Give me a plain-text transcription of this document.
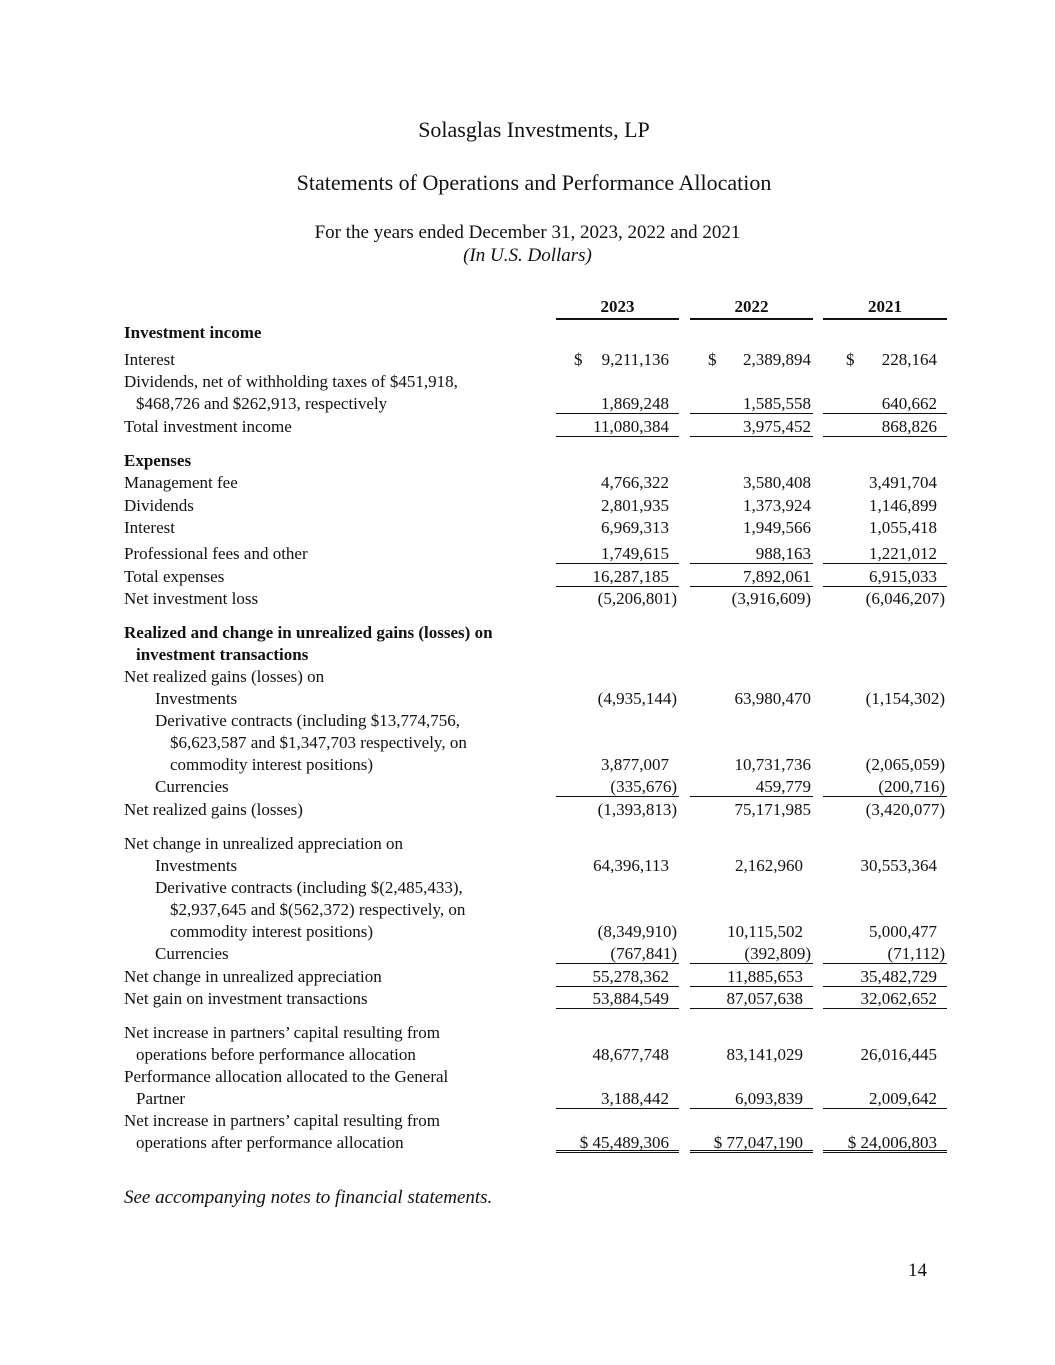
Solasglas Investments, LP
Statements of Operations and Performance Allocation
For the years ended December 31, 2023, 2022 and 2021
(In U.S. Dollars)
2023	2022	2021
Investment income
Interest	$ 9,211,136	$ 2,389,894 $ 228,164
Dividends, net of withholding taxes of $451,918,
$468,726 and $262,913, respectively	1,869,248	1,585,558	640,662
Total investment income	11,080,384	3,975,452	868,826
Expenses
Management fee	4,766,322	3,580,408	3,491,704
Dividends	2,801,935	1,373,924	1,146,899
Interest	6,969,313	1,949,566	1,055,418
Professional fees and other	1,749,615	988,163	1,221,012
Total expenses	16,287,185	7,892,061	6,915,033
Net investment loss	(5,206,801)	(3,916,609)	(6,046,207)
Realized and change in unrealized gains (losses) on
investment transactions
Net realized gains (losses) on
Investments	(4,935,144)	63,980,470	(1,154,302)
Derivative contracts (including $13,774,756,
$6,623,587 and $1,347,703 respectively, on
commodity interest positions)	3,877,007	10,731,736	(2,065,059)
Currencies	(335,676)	459,779	(200,716)
Net realized gains (losses)	(1,393,813)	75,171,985	(3,420,077)
Net change in unrealized appreciation on
Investments	64,396,113	2,162,960	30,553,364
Derivative contracts (including $(2,485,433),
$2,937,645 and $(562,372) respectively, on
commodity interest positions)	(8,349,910)	10,115,502	5,000,477
Currencies	(767,841)	(392,809)	(71,112)
Net change in unrealized appreciation	55,278,362	11,885,653	35,482,729
Net gain on investment transactions	53,884,549	87,057,638	32,062,652
Net increase in partners’ capital resulting from
operations before performance allocation	48,677,748	83,141,029	26,016,445
Performance allocation allocated to the General
Partner	3,188,442	6,093,839	2,009,642
Net increase in partners’ capital resulting from
operations after performance allocation	$ 45,489,306	$ 77,047,190	$ 24,006,803
See accompanying notes to financial statements.
14
